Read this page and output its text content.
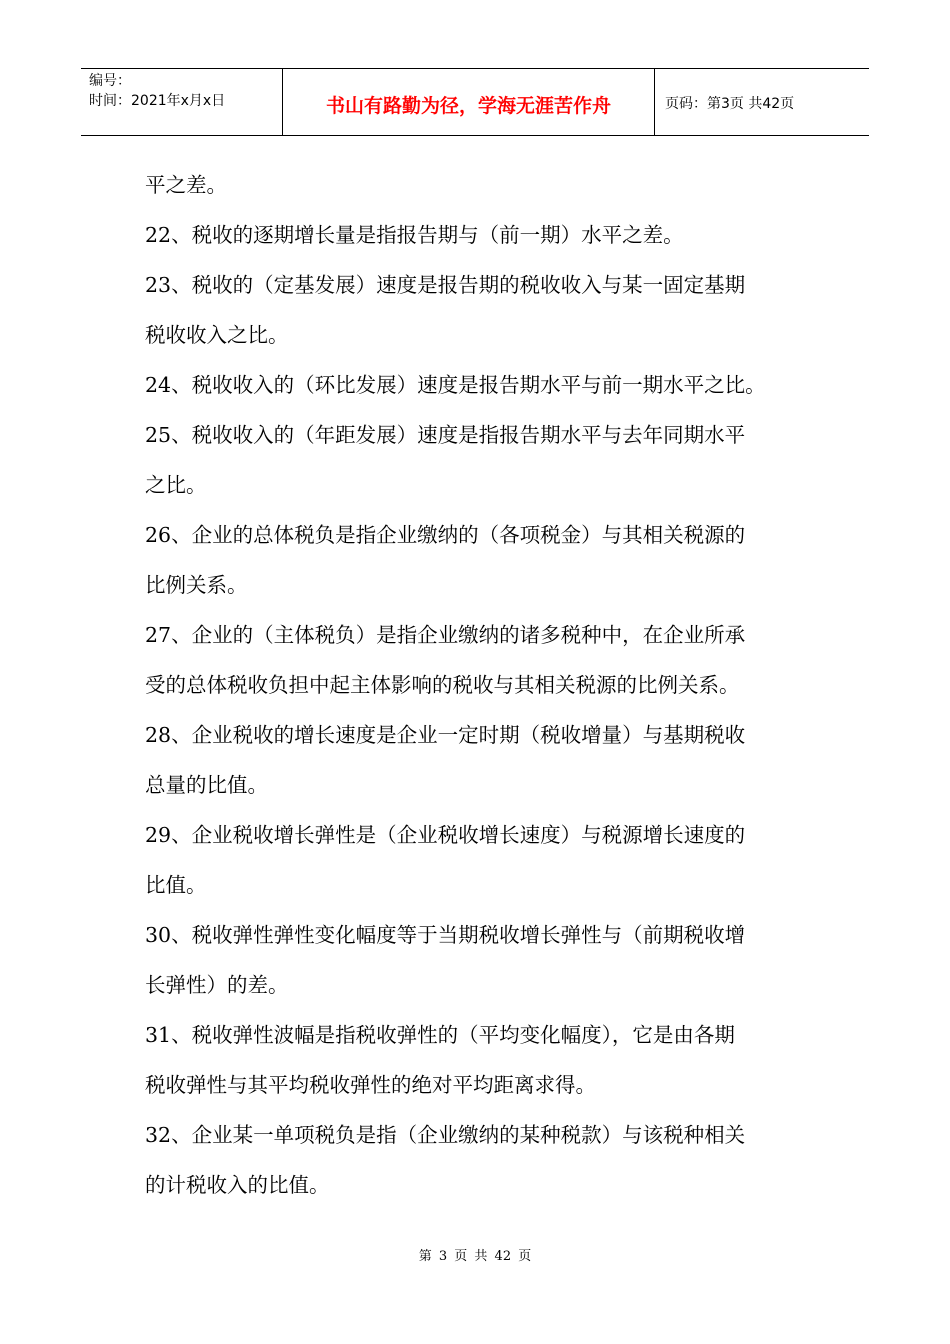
编号：
时间：2021年x月x日	书山有路勤为径，学海无涯苦作舟	页码：第3页 共42页

平之差。

22、税收的逐期增长量是指报告期与（前一期）水平之差。

23、税收的（定基发展）速度是报告期的税收收入与某一固定基期

税收收入之比。

24、税收收入的（环比发展）速度是报告期水平与前一期水平之比。

25、税收收入的（年距发展）速度是指报告期水平与去年同期水平

之比。

26、企业的总体税负是指企业缴纳的（各项税金）与其相关税源的

比例关系。

27、企业的（主体税负）是指企业缴纳的诸多税种中，在企业所承

受的总体税收负担中起主体影响的税收与其相关税源的比例关系。

28、企业税收的增长速度是企业一定时期（税收增量）与基期税收

总量的比值。

29、企业税收增长弹性是（企业税收增长速度）与税源增长速度的

比值。

30、税收弹性弹性变化幅度等于当期税收增长弹性与（前期税收增

长弹性）的差。

31、税收弹性波幅是指税收弹性的（平均变化幅度），它是由各期

税收弹性与其平均税收弹性的绝对平均距离求得。

32、企业某一单项税负是指（企业缴纳的某种税款）与该税种相关

的计税收入的比值。

第 3 页 共 42 页
